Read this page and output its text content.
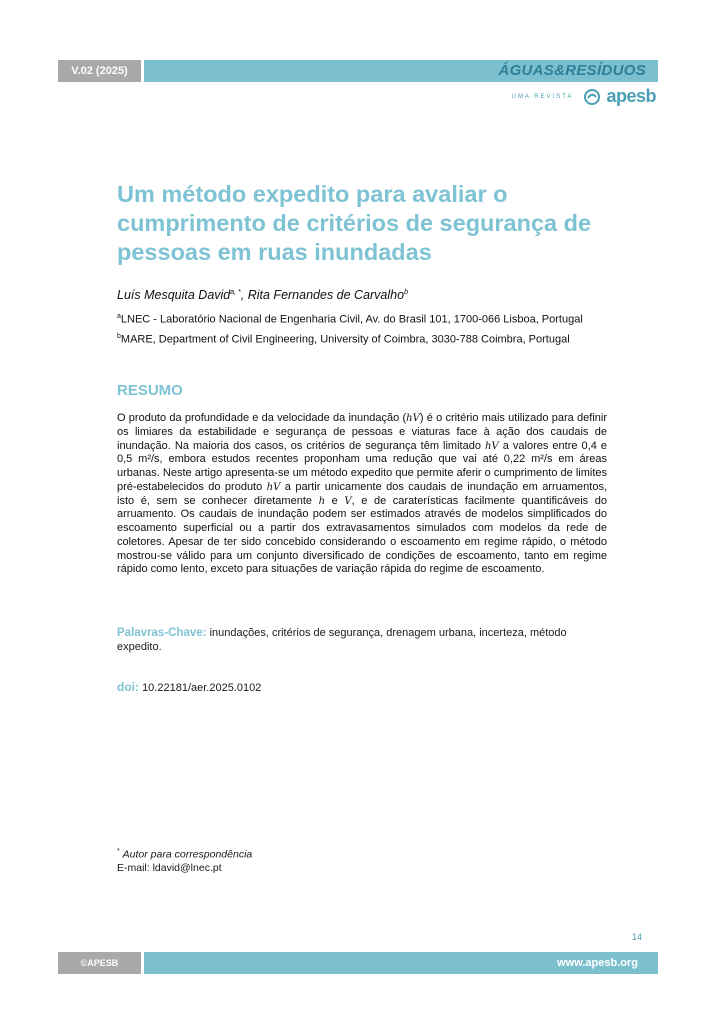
V.02 (2025)	ÁGUAS&RESÍDUOS
UMA REVISTA apesb
Um método expedito para avaliar o cumprimento de critérios de segurança de pessoas em ruas inundadas
Luís Mesquita David$^{a, *}$, Rita Fernandes de Carvalho$^b$
$^a$LNEC - Laboratório Nacional de Engenharia Civil, Av. do Brasil 101, 1700-066 Lisboa, Portugal
$^b$MARE, Department of Civil Engineering, University of Coimbra, 3030-788 Coimbra, Portugal
RESUMO

O produto da profundidade e da velocidade da inundação (hV) é o critério mais utilizado para definir os limiares da estabilidade e segurança de pessoas e viaturas face à ação dos caudais de inundação. Na maioria dos casos, os critérios de segurança têm limitado hV a valores entre 0,4 e 0,5 m²/s, embora estudos recentes proponham uma redução que vai até 0,22 m²/s em áreas urbanas. Neste artigo apresenta-se um método expedito que permite aferir o cumprimento de limites pré-estabelecidos do produto hV a partir unicamente dos caudais de inundação em arruamentos, isto é, sem se conhecer diretamente h e V, e de caraterísticas facilmente quantificáveis do arruamento. Os caudais de inundação podem ser estimados através de modelos simplificados do escoamento superficial ou a partir dos extravasamentos simulados com modelos da rede de coletores. Apesar de ter sido concebido considerando o escoamento em regime rápido, o método mostrou-se válido para um conjunto diversificado de condições de escoamento, tanto em regime rápido como lento, exceto para situações de variação rápida do regime de escoamento.

Palavras-Chave: inundações, critérios de segurança, drenagem urbana, incerteza, método expedito.

doi: 10.22181/aer.2025.0102

* Autor para correspondência
E-mail: ldavid@lnec.pt
14
©APESB	www.apesb.org
